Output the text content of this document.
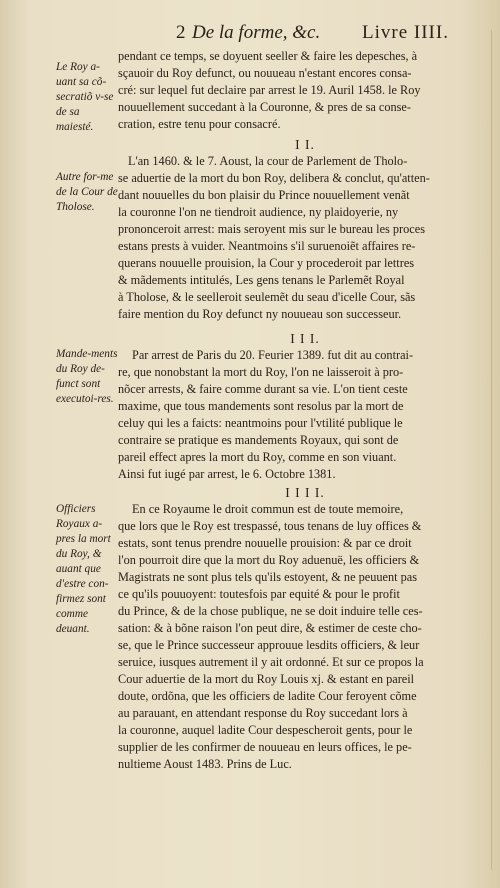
2 De la forme, &c. Livre IIII.
Le Roy a-uant sa cõ-secratiõ v-se de sa maiesté.
Autre for-me de la Cour de Tholose.
Mande-ments du Roy de-funct sont executoi-res.
Officiers Royaux a-pres la mort du Roy, & auant que d'estre con-firmez sont comme deuant.
pendant ce temps, se doyuent seeller & faire les depesches, à
sçauoir du Roy defunct, ou nouueau n'estant encores consa-
cré: sur lequel fut declaire par arrest le 19. Auril 1458. le Roy
nouuellement succedant à la Couronne, & pres de sa conse-
cration, estre tenu pour consacré.
I I.
L'an 1460. & le 7. Aoust, la cour de Parlement de Tholo-
se aduertie de la mort du bon Roy, delibera & conclut, qu'atten-
dant nouuelles du bon plaisir du Prince nouuellement venãt
la couronne l'on ne tiendroit audience, ny plaidoyerie, ny
prononceroit arrest: mais seroyent mis sur le bureau les proces
estans prests à vuider. Neantmoins s'il suruenoiẽt affaires re-
querans nouuelle prouision, la Cour y procederoit par lettres
& mãdements intitulés, Les gens tenans le Parlemẽt Royal
à Tholose, & le seelleroit seulemẽt du seau d'icelle Cour, sãs
faire mention du Roy defunct ny nouueau son successeur.
I I I.
Par arrest de Paris du 20. Feurier 1389. fut dit au contrai-
re, que nonobstant la mort du Roy, l'on ne laisseroit à pro-
nõcer arrests, & faire comme durant sa vie. L'on tient ceste
maxime, que tous mandements sont resolus par la mort de
celuy qui les a faicts: neantmoins pour l'vtilité publique le
contraire se pratique es mandements Royaux, qui sont de
pareil effect apres la mort du Roy, comme en son viuant.
Ainsi fut iugé par arrest, le 6. Octobre 1381.
I I I I.
En ce Royaume le droit commun est de toute memoire,
que lors que le Roy est trespassé, tous tenans de luy offices &
estats, sont tenus prendre nouuelle prouision: & par ce droit
l'on pourroit dire que la mort du Roy aduenuë, les officiers &
Magistrats ne sont plus tels qu'ils estoyent, & ne peuuent pas
ce qu'ils pouuoyent: toutesfois par equité & pour le profit
du Prince, & de la chose publique, ne se doit induire telle ces-
sation: & à bõne raison l'on peut dire, & estimer de ceste cho-
se, que le Prince successeur approuue lesdits officiers, & leur
seruice, iusques autrement il y ait ordonné. Et sur ce propos la
Cour aduertie de la mort du Roy Louis xj. & estant en pareil
doute, ordõna, que les officiers de ladite Cour feroyent cõme
au parauant, en attendant response du Roy succedant lors à
la couronne, auquel ladite Cour despescheroit gents, pour le
supplier de les confirmer de nouueau en leurs offices, le pe-
nultieme Aoust 1483. Prins de Luc.
